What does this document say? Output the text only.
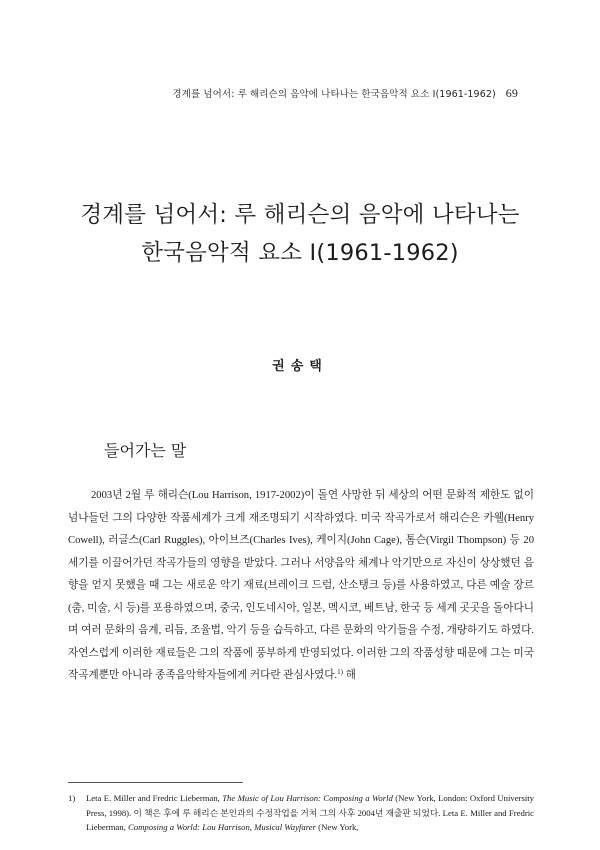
경계를 넘어서: 루 해리슨의 음악에 나타나는 한국음악적 요소 I(1961-1962) 69
경계를 넘어서: 루 해리슨의 음악에 나타나는
한국음악적 요소 I(1961-1962)
권송택
들어가는 말

2003년 2월 루 해리슨(Lou Harrison, 1917-2002)이 돌연 사망한 뒤 세상의 어떤 문화적 제한도 없이 넘나들던 그의 다양한 작품세계가 크게 재조명되기 시작하였다. 미국 작곡가로서 해리슨은 카웰(Henry Cowell), 러글스(Carl Ruggles), 아이브즈(Charles Ives), 케이지(John Cage), 톰슨(Virgil Thompson) 등 20세기를 이끌어가던 작곡가들의 영향을 받았다. 그러나 서양음악 체계나 악기만으로 자신이 상상했던 음향을 얻지 못했을 때 그는 새로운 악기 재료(브레이크 드럼, 산소탱크 등)를 사용하였고, 다른 예술 장르(춤, 미술, 시 등)를 포용하였으며, 중국, 인도네시아, 일본, 멕시코, 베트남, 한국 등 세계 곳곳을 돌아다니며 여러 문화의 음계, 리듬, 조율법, 악기 등을 습득하고, 다른 문화의 악기들을 수정, 개량하기도 하였다. 자연스럽게 이러한 재료들은 그의 작품에 풍부하게 반영되었다. 이러한 그의 작품성향 때문에 그는 미국 작곡계뿐만 아니라 종족음악학자들에게 커다란 관심사였다.$^{1)}$ 해

1)	Leta E. Miller and Fredric Lieberman, The Music of Lou Harrison: Composing a World (New York, London: Oxford University Press, 1998). 이 책은 후에 루 해리슨 본인과의 수정작업을 거쳐 그의 사후 2004년 재출판 되었다. Leta E. Miller and Fredric Lieberman, Composing a World: Lou Harrison, Musical Wayfarer (New York,
